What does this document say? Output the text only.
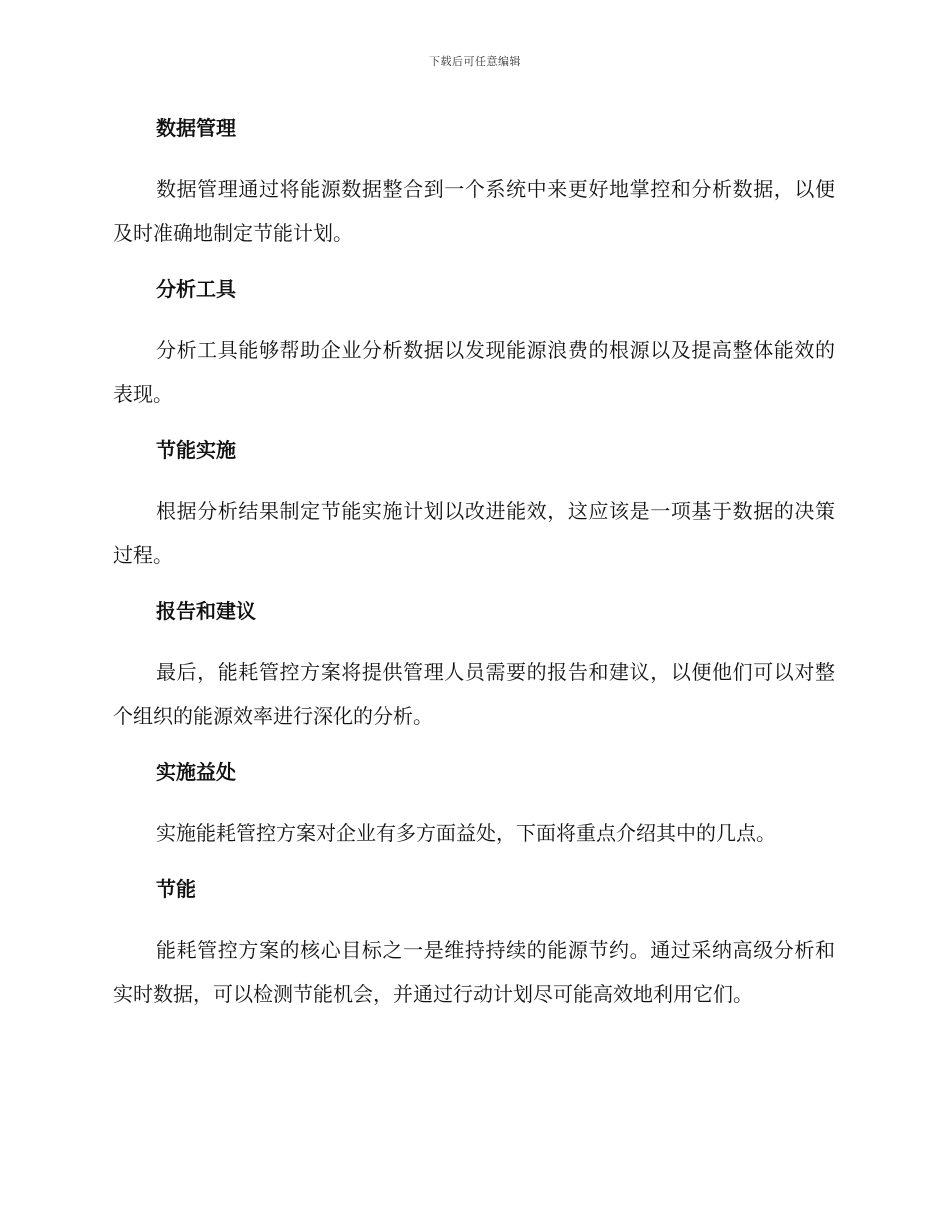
下载后可任意编辑
数据管理

数据管理通过将能源数据整合到一个系统中来更好地掌控和分析数据，以便及时准确地制定节能计划。

分析工具

分析工具能够帮助企业分析数据以发现能源浪费的根源以及提高整体能效的表现。

节能实施

根据分析结果制定节能实施计划以改进能效，这应该是一项基于数据的决策过程。

报告和建议

最后，能耗管控方案将提供管理人员需要的报告和建议，以便他们可以对整个组织的能源效率进行深化的分析。

实施益处

实施能耗管控方案对企业有多方面益处，下面将重点介绍其中的几点。

节能

能耗管控方案的核心目标之一是维持持续的能源节约。通过采纳高级分析和实时数据，可以检测节能机会，并通过行动计划尽可能高效地利用它们。
